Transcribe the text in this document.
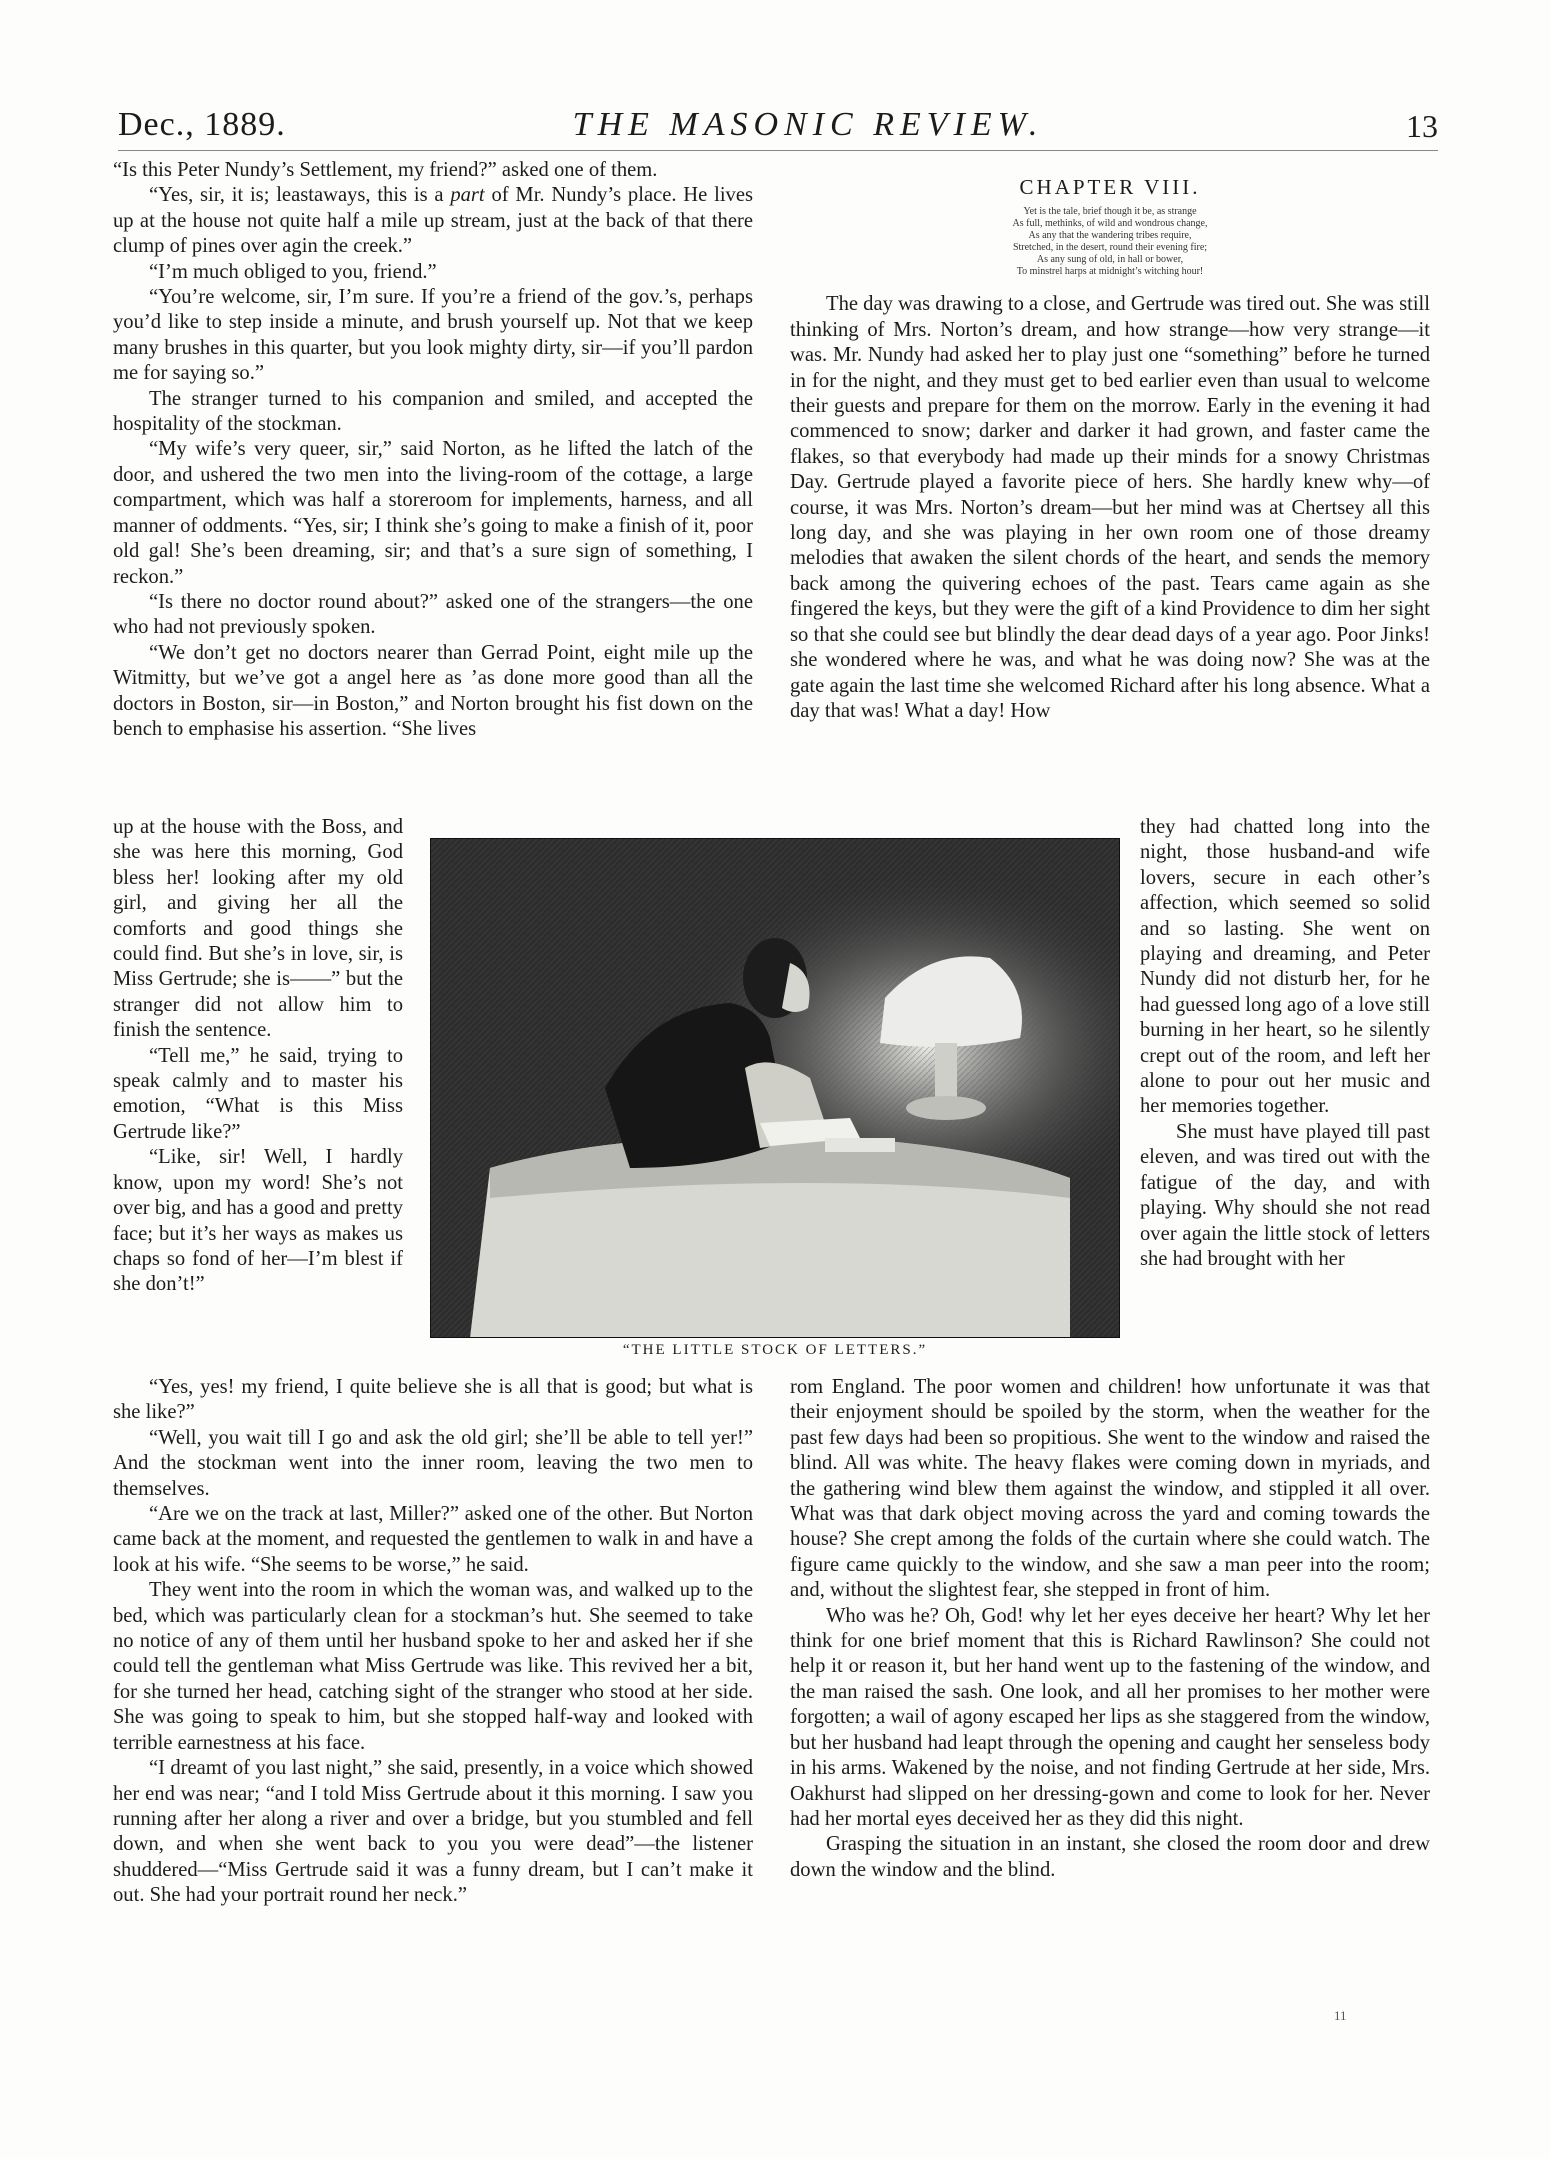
Dec., 1889.	THE MASONIC REVIEW.	13

“Is this Peter Nundy’s Settlement, my friend?” asked one of them.

“Yes, sir, it is; leastaways, this is a part of Mr. Nundy’s place. He lives up at the house not quite half a mile up stream, just at the back of that there clump of pines over agin the creek.”

“I’m much obliged to you, friend.”

“You’re welcome, sir, I’m sure. If you’re a friend of the gov.’s, perhaps you’d like to step inside a minute, and brush yourself up. Not that we keep many brushes in this quarter, but you look mighty dirty, sir—if you’ll pardon me for saying so.”

The stranger turned to his companion and smiled, and accepted the hospitality of the stockman.

“My wife’s very queer, sir,” said Norton, as he lifted the latch of the door, and ushered the two men into the living-room of the cottage, a large compartment, which was half a storeroom for implements, harness, and all manner of oddments. “Yes, sir; I think she’s going to make a finish of it, poor old gal! She’s been dreaming, sir; and that’s a sure sign of something, I reckon.”

“Is there no doctor round about?” asked one of the strangers—the one who had not previously spoken.

“We don’t get no doctors nearer than Gerrad Point, eight mile up the Witmitty, but we’ve got a angel here as ’as done more good than all the doctors in Boston, sir—in Boston,” and Norton brought his fist down on the bench to emphasise his assertion. “She lives

up at the house with the Boss, and she was here this morning, God bless her! looking after my old girl, and giving her all the comforts and good things she could find. But she’s in love, sir, is Miss Gertrude; she is——” but the stranger did not allow him to finish the sentence.

“Tell me,” he said, trying to speak calmly and to master his emotion, “What is this Miss Gertrude like?”

“Like, sir! Well, I hardly know, upon my word! She’s not over big, and has a good and pretty face; but it’s her ways as makes us chaps so fond of her—I’m blest if she don’t!”

“Yes, yes! my friend, I quite believe she is all that is good; but what is she like?”

“Well, you wait till I go and ask the old girl; she’ll be able to tell yer!” And the stockman went into the inner room, leaving the two men to themselves.

“Are we on the track at last, Miller?” asked one of the other. But Norton came back at the moment, and requested the gentlemen to walk in and have a look at his wife. “She seems to be worse,” he said.

They went into the room in which the woman was, and walked up to the bed, which was particularly clean for a stockman’s hut. She seemed to take no notice of any of them until her husband spoke to her and asked her if she could tell the gentleman what Miss Gertrude was like. This revived her a bit, for she turned her head, catching sight of the stranger who stood at her side. She was going to speak to him, but she stopped half-way and looked with terrible earnestness at his face.

“I dreamt of you last night,” she said, presently, in a voice which showed her end was near; “and I told Miss Gertrude about it this morning. I saw you running after her along a river and over a bridge, but you stumbled and fell down, and when she went back to you you were dead”—the listener shuddered—“Miss Gertrude said it was a funny dream, but I can’t make it out. She had your portrait round her neck.”

CHAPTER VIII.
Yet is the tale, brief though it be, as strange
As full, methinks, of wild and wondrous change,
As any that the wandering tribes require,
Stretched, in the desert, round their evening fire;
As any sung of old, in hall or bower,
To minstrel harps at midnight’s witching hour!

The day was drawing to a close, and Gertrude was tired out. She was still thinking of Mrs. Norton’s dream, and how strange—how very strange—it was. Mr. Nundy had asked her to play just one “something” before he turned in for the night, and they must get to bed earlier even than usual to welcome their guests and prepare for them on the morrow. Early in the evening it had commenced to snow; darker and darker it had grown, and faster came the flakes, so that everybody had made up their minds for a snowy Christmas Day. Gertrude played a favorite piece of hers. She hardly knew why—of course, it was Mrs. Norton’s dream—but her mind was at Chertsey all this long day, and she was playing in her own room one of those dreamy melodies that awaken the silent chords of the heart, and sends the memory back among the quivering echoes of the past. Tears came again as she fingered the keys, but they were the gift of a kind Providence to dim her sight so that she could see but blindly the dear dead days of a year ago. Poor Jinks! she wondered where he was, and what he was doing now? She was at the gate again the last time she welcomed Richard after his long absence. What a day that was! What a day! How

“THE LITTLE STOCK OF LETTERS.”

they had chatted long into the night, those husband-and wife lovers, secure in each other’s affection, which seemed so solid and so lasting. She went on playing and dreaming, and Peter Nundy did not disturb her, for he had guessed long ago of a love still burning in her heart, so he silently crept out of the room, and left her alone to pour out her music and her memories together.

She must have played till past eleven, and was tired out with the fatigue of the day, and with playing. Why should she not read over again the little stock of letters she had brought with her

rom England. The poor women and children! how unfortunate it was that their enjoyment should be spoiled by the storm, when the weather for the past few days had been so propitious. She went to the window and raised the blind. All was white. The heavy flakes were coming down in myriads, and the gathering wind blew them against the window, and stippled it all over. What was that dark object moving across the yard and coming towards the house? She crept among the folds of the curtain where she could watch. The figure came quickly to the window, and she saw a man peer into the room; and, without the slightest fear, she stepped in front of him.

Who was he? Oh, God! why let her eyes deceive her heart? Why let her think for one brief moment that this is Richard Rawlinson? She could not help it or reason it, but her hand went up to the fastening of the window, and the man raised the sash. One look, and all her promises to her mother were forgotten; a wail of agony escaped her lips as she staggered from the window, but her husband had leapt through the opening and caught her senseless body in his arms. Wakened by the noise, and not finding Gertrude at her side, Mrs. Oakhurst had slipped on her dressing-gown and come to look for her. Never had her mortal eyes deceived her as they did this night.

Grasping the situation in an instant, she closed the room door and drew down the window and the blind.

11
